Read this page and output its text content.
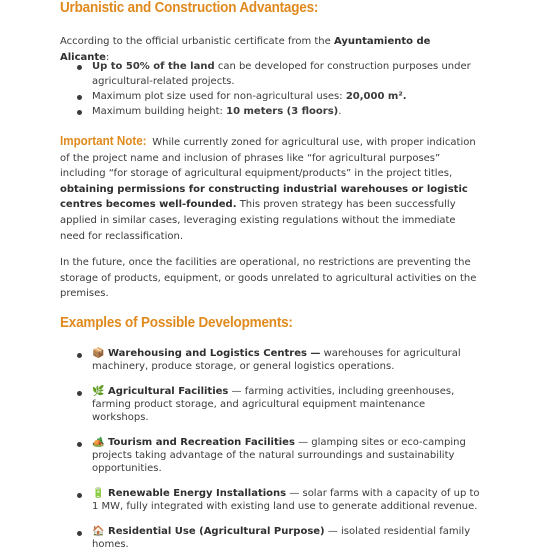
Urbanistic and Construction Advantages:

According to the official urbanistic certificate from the Ayuntamiento de Alicante:

Up to 50% of the land can be developed for construction purposes under agricultural-related projects.
Maximum plot size used for non-agricultural uses: 20,000 m².
Maximum building height: 10 meters (3 floors).

Important Note: While currently zoned for agricultural use, with proper indication of the project name and inclusion of phrases like “for agricultural purposes” including “for storage of agricultural equipment/products” in the project titles, obtaining permissions for constructing industrial warehouses or logistic centres becomes well-founded. This proven strategy has been successfully applied in similar cases, leveraging existing regulations without the immediate need for reclassification.

In the future, once the facilities are operational, no restrictions are preventing the storage of products, equipment, or goods unrelated to agricultural activities on the premises.

Examples of Possible Developments:
📦 Warehousing and Logistics Centres — warehouses for agricultural machinery, produce storage, or general logistics operations.
🌿 Agricultural Facilities — farming activities, including greenhouses, farming product storage, and agricultural equipment maintenance workshops.
🏕️ Tourism and Recreation Facilities — glamping sites or eco-camping projects taking advantage of the natural surroundings and sustainability opportunities.
🔋 Renewable Energy Installations — solar farms with a capacity of up to 1 MW, fully integrated with existing land use to generate additional revenue.
🏠 Residential Use (Agricultural Purpose) — isolated residential family homes.
